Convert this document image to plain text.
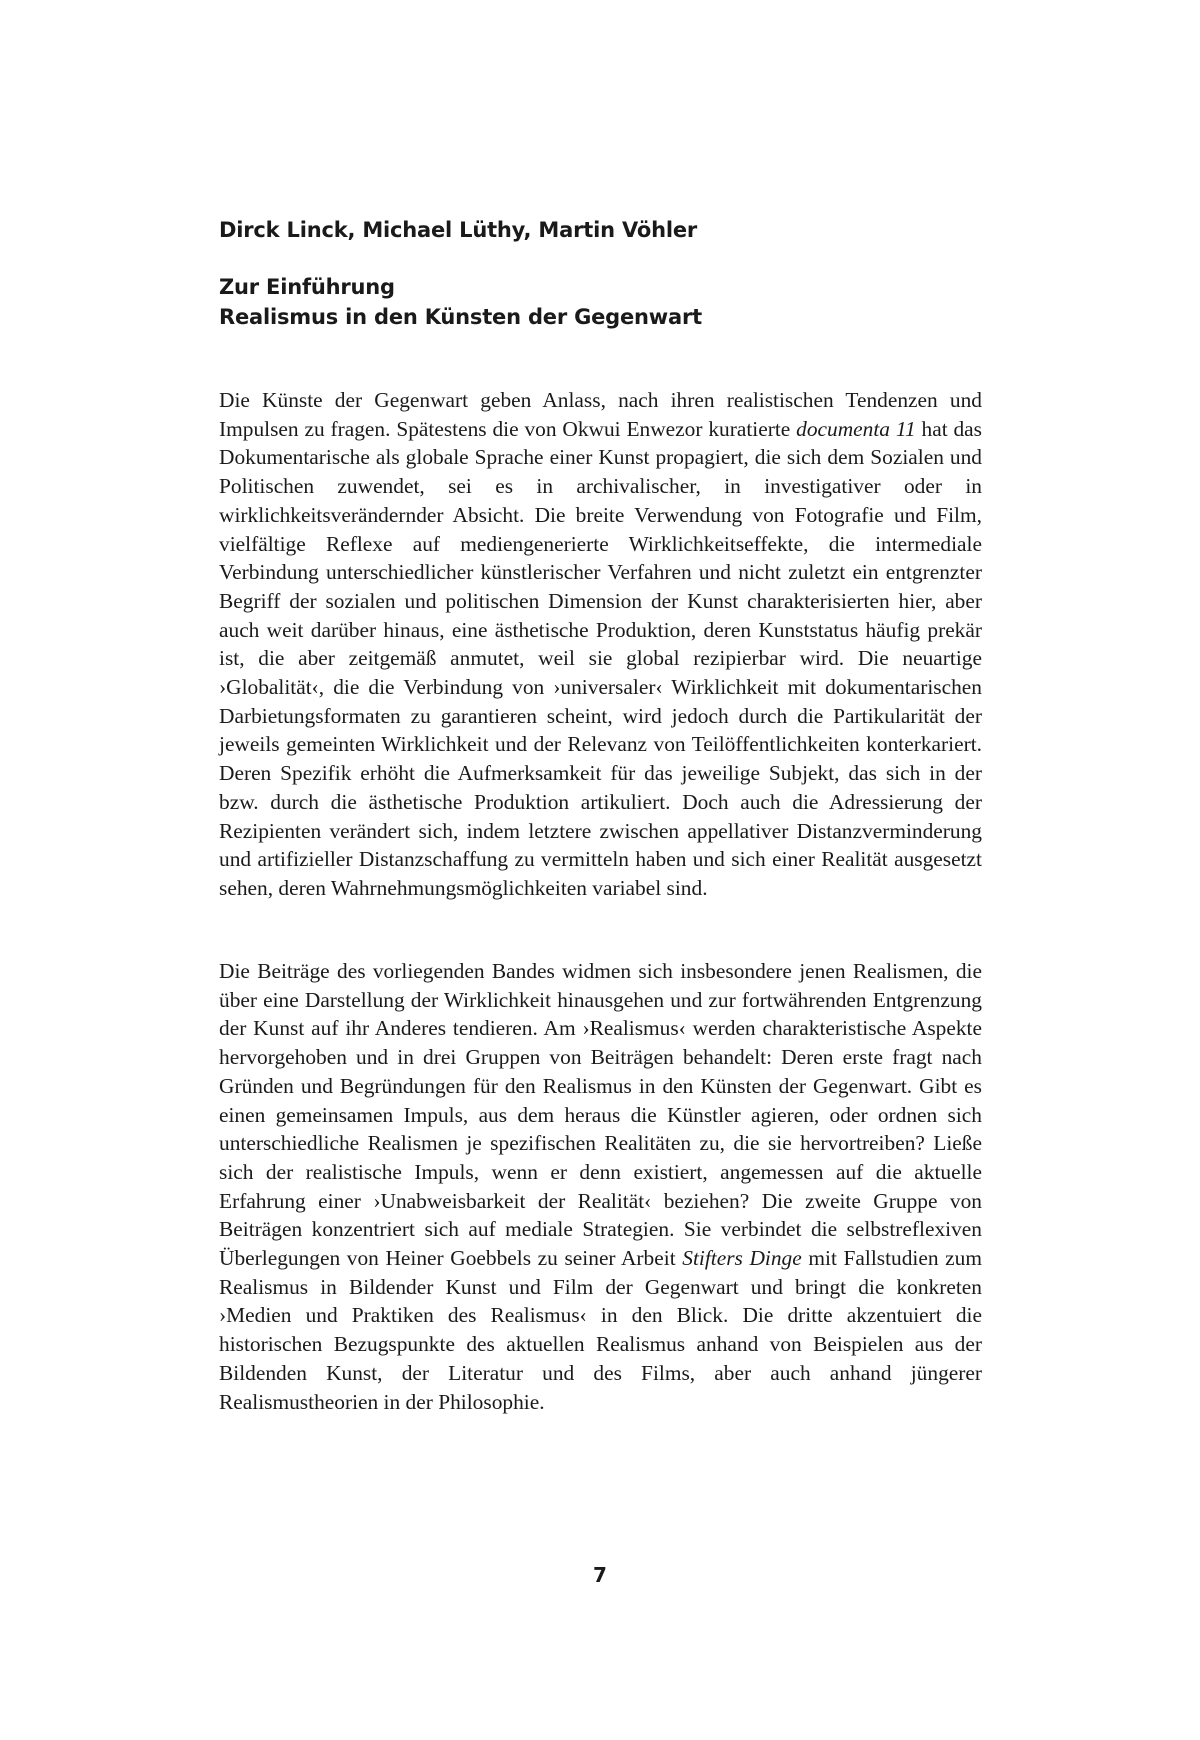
Dirck Linck, Michael Lüthy, Martin Vöhler
Zur Einführung
Realismus in den Künsten der Gegenwart

Die Künste der Gegenwart geben Anlass, nach ihren realistischen Tendenzen und Impulsen zu fragen. Spätestens die von Okwui Enwezor kuratierte documenta 11 hat das Dokumentarische als globale Sprache einer Kunst propagiert, die sich dem Sozialen und Politischen zuwendet, sei es in archivalischer, in investigativer oder in wirklichkeitsverändernder Absicht. Die breite Verwendung von Fotografie und Film, vielfältige Reflexe auf mediengenerierte Wirklichkeitseffekte, die intermediale Verbindung unterschiedlicher künstlerischer Verfahren und nicht zuletzt ein entgrenzter Begriff der sozialen und politischen Dimension der Kunst charakterisierten hier, aber auch weit darüber hinaus, eine ästhetische Produktion, deren Kunststatus häufig prekär ist, die aber zeitgemäß anmutet, weil sie global rezipierbar wird. Die neuartige ›Globalität‹, die die Verbindung von ›universaler‹ Wirklichkeit mit dokumentarischen Darbietungsformaten zu garantieren scheint, wird jedoch durch die Partikularität der jeweils gemeinten Wirklichkeit und der Relevanz von Teilöffentlichkeiten konterkariert. Deren Spezifik erhöht die Aufmerksamkeit für das jeweilige Subjekt, das sich in der bzw. durch die ästhetische Produktion artikuliert. Doch auch die Adressierung der Rezipienten verändert sich, indem letztere zwischen appellativer Distanzverminderung und artifizieller Distanzschaffung zu vermitteln haben und sich einer Realität ausgesetzt sehen, deren Wahrnehmungsmöglichkeiten variabel sind.

Die Beiträge des vorliegenden Bandes widmen sich insbesondere jenen Realismen, die über eine Darstellung der Wirklichkeit hinausgehen und zur fortwährenden Entgrenzung der Kunst auf ihr Anderes tendieren. Am ›Realismus‹ werden charakteristische Aspekte hervorgehoben und in drei Gruppen von Beiträgen behandelt: Deren erste fragt nach Gründen und Begründungen für den Realismus in den Künsten der Gegenwart. Gibt es einen gemeinsamen Impuls, aus dem heraus die Künstler agieren, oder ordnen sich unterschiedliche Realismen je spezifischen Realitäten zu, die sie hervortreiben? Ließe sich der realistische Impuls, wenn er denn existiert, angemessen auf die aktuelle Erfahrung einer ›Unabweisbarkeit der Realität‹ beziehen? Die zweite Gruppe von Beiträgen konzentriert sich auf mediale Strategien. Sie verbindet die selbstreflexiven Überlegungen von Heiner Goebbels zu seiner Arbeit Stifters Dinge mit Fallstudien zum Realismus in Bildender Kunst und Film der Gegenwart und bringt die konkreten ›Medien und Praktiken des Realismus‹ in den Blick. Die dritte akzentuiert die historischen Bezugspunkte des aktuellen Realismus anhand von Beispielen aus der Bildenden Kunst, der Literatur und des Films, aber auch anhand jüngerer Realismustheorien in der Philosophie.

7
